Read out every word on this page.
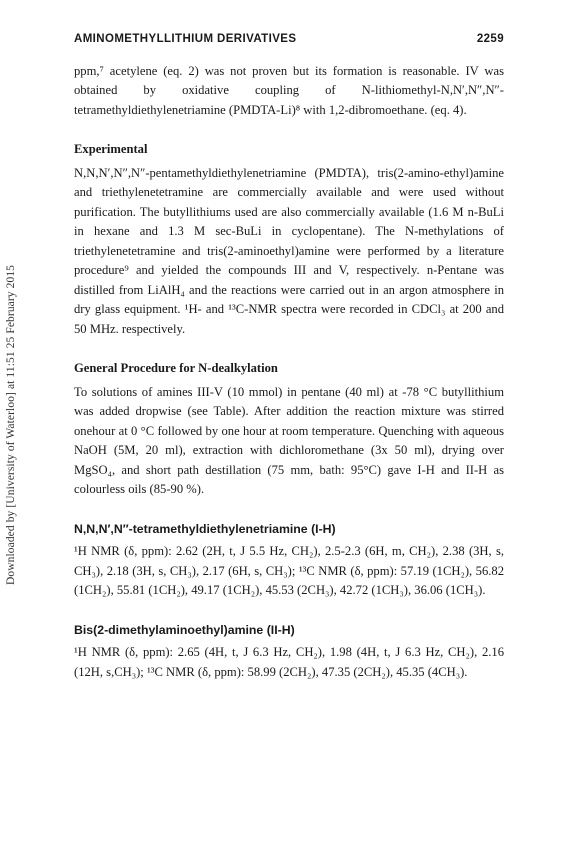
Downloaded by [University of Waterloo] at 11:51 25 February 2015
AMINOMETHYLLITHIUM DERIVATIVES	2259

ppm,⁷ acetylene (eq. 2) was not proven but its formation is reasonable. IV was obtained by oxidative coupling of N-lithiomethyl-N,N′,N″,N″-tetramethyldiethylenetriamine (PMDTA-Li)⁸ with 1,2-dibromoethane. (eq. 4).

Experimental

N,N,N′,N″,N″-pentamethyldiethylenetriamine (PMDTA), tris(2-amino-ethyl)amine and triethylenetetramine are commercially available and were used without purification. The butyllithiums used are also commercially available (1.6 M n-BuLi in hexane and 1.3 M sec-BuLi in cyclopentane). The N-methylations of triethylenetetramine and tris(2-aminoethyl)amine were performed by a literature procedure⁹ and yielded the compounds III and V, respectively. n-Pentane was distilled from LiAlH₄ and the reactions were carried out in an argon atmosphere in dry glass equipment. ¹H- and ¹³C-NMR spectra were recorded in CDCl₃ at 200 and 50 MHz. respectively.

General Procedure for N-dealkylation

To solutions of amines III-V (10 mmol) in pentane (40 ml) at -78 °C butyllithium was added dropwise (see Table). After addition the reaction mixture was stirred onehour at 0 °C followed by one hour at room temperature. Quenching with aqueous NaOH (5M, 20 ml), extraction with dichloromethane (3x 50 ml), drying over MgSO₄, and short path destillation (75 mm, bath: 95°C) gave I-H and II-H as colourless oils (85-90 %).

N,N,N′,N″-tetramethyldiethylenetriamine (I-H)

¹H NMR (δ, ppm): 2.62 (2H, t, J 5.5 Hz, CH₂), 2.5-2.3 (6H, m, CH₂), 2.38 (3H, s, CH₃), 2.18 (3H, s, CH₃), 2.17 (6H, s, CH₃); ¹³C NMR (δ, ppm): 57.19 (1CH₂), 56.82 (1CH₂), 55.81 (1CH₂), 49.17 (1CH₂), 45.53 (2CH₃), 42.72 (1CH₃), 36.06 (1CH₃).

Bis(2-dimethylaminoethyl)amine (II-H)

¹H NMR (δ, ppm): 2.65 (4H, t, J 6.3 Hz, CH₂), 1.98 (4H, t, J 6.3 Hz, CH₂), 2.16 (12H, s,CH₃); ¹³C NMR (δ, ppm): 58.99 (2CH₂), 47.35 (2CH₂), 45.35 (4CH₃).
